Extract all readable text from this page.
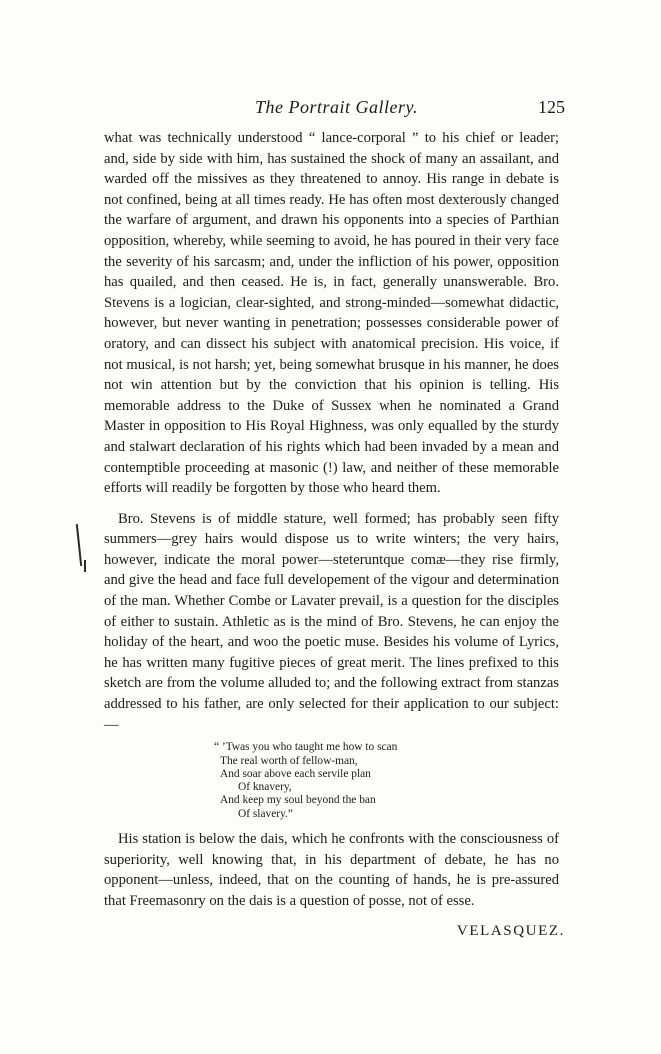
The Portrait Gallery.	125

what was technically understood “ lance-corporal ” to his chief or leader; and, side by side with him, has sustained the shock of many an assailant, and warded off the missives as they threatened to annoy. His range in debate is not confined, being at all times ready. He has often most dexterously changed the warfare of argument, and drawn his opponents into a species of Parthian opposition, whereby, while seeming to avoid, he has poured in their very face the severity of his sarcasm; and, under the infliction of his power, opposition has quailed, and then ceased. He is, in fact, generally unanswerable. Bro. Stevens is a logician, clear-sighted, and strong-minded—somewhat didactic, however, but never wanting in penetration; possesses considerable power of oratory, and can dissect his subject with anatomical precision. His voice, if not musical, is not harsh; yet, being somewhat brusque in his manner, he does not win attention but by the conviction that his opinion is telling. His memorable address to the Duke of Sussex when he nominated a Grand Master in opposition to His Royal Highness, was only equalled by the sturdy and stalwart declaration of his rights which had been invaded by a mean and contemptible proceeding at masonic (!) law, and neither of these memorable efforts will readily be forgotten by those who heard them.

Bro. Stevens is of middle stature, well formed; has probably seen fifty summers—grey hairs would dispose us to write winters; the very hairs, however, indicate the moral power—steteruntque comæ—they rise firmly, and give the head and face full developement of the vigour and determination of the man. Whether Combe or Lavater prevail, is a question for the disciples of either to sustain. Athletic as is the mind of Bro. Stevens, he can enjoy the holiday of the heart, and woo the poetic muse. Besides his volume of Lyrics, he has written many fugitive pieces of great merit. The lines prefixed to this sketch are from the volume alluded to; and the following extract from stanzas addressed to his father, are only selected for their application to our subject:—

“ ’Twas you who taught me how to scan
The real worth of fellow-man,
And soar above each servile plan
Of knavery,
And keep my soul beyond the ban
Of slavery.”

His station is below the dais, which he confronts with the consciousness of superiority, well knowing that, in his department of debate, he has no opponent—unless, indeed, that on the counting of hands, he is pre-assured that Freemasonry on the dais is a question of posse, not of esse.

VELASQUEZ.
